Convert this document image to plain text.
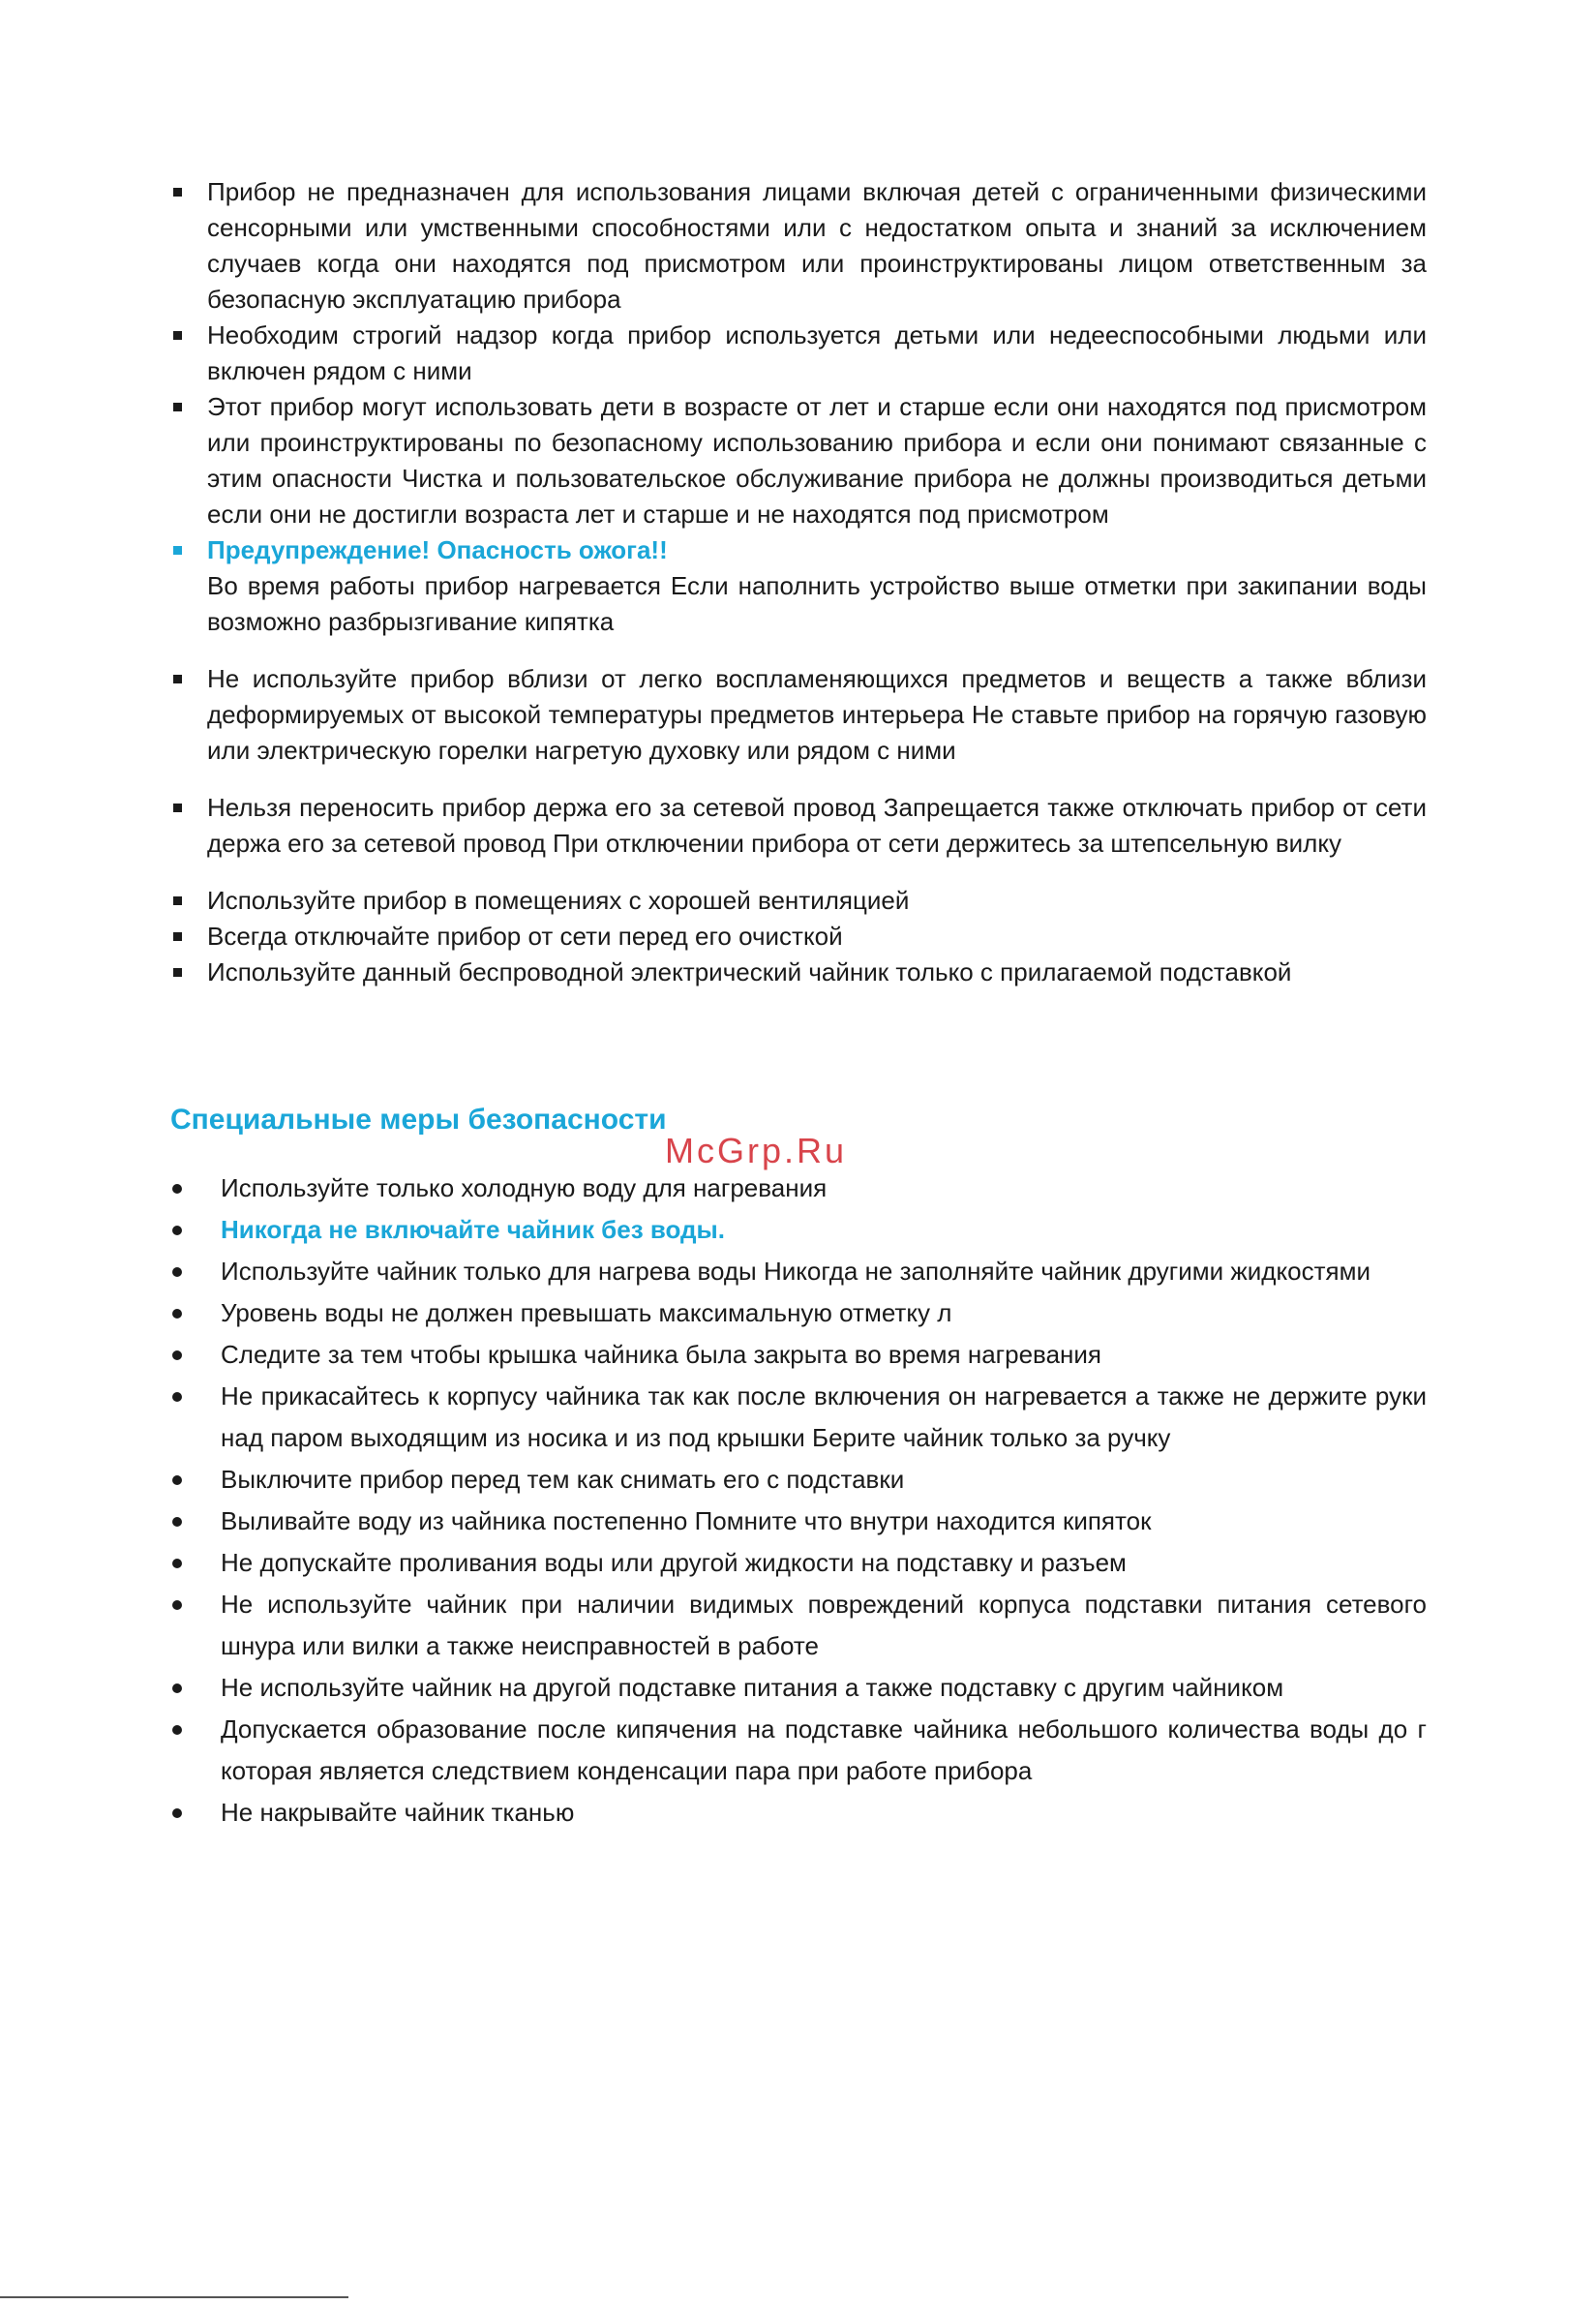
Прибор не предназначен для использования лицами включая детей с ограниченными физическими сенсорными или умственными способностями или с недостатком опыта и знаний за исключением случаев когда они находятся под присмотром или проинструктированы лицом ответственным за безопасную эксплуатацию прибора

Необходим строгий надзор когда прибор используется детьми или недееспособными людьми или включен рядом с ними

Этот прибор могут использовать дети в возрасте от лет и старше если они находятся под присмотром или проинструктированы по безопасному использованию прибора и если они понимают связанные с этим опасности Чистка и пользовательское обслуживание прибора не должны производиться детьми если они не достигли возраста лет и старше и не находятся под присмотром

Предупреждение! Опасность ожога!!
Во время работы прибор нагревается Если наполнить устройство выше отметки при закипании воды возможно разбрызгивание кипятка

Не используйте прибор вблизи от легко воспламеняющихся предметов и веществ а также вблизи деформируемых от высокой температуры предметов интерьера Не ставьте прибор на горячую газовую или электрическую горелки нагретую духовку или рядом с ними

Нельзя переносить прибор держа его за сетевой провод Запрещается также отключать прибор от сети держа его за сетевой провод При отключении прибора от сети держитесь за штепсельную вилку

Используйте прибор в помещениях с хорошей вентиляцией

Всегда отключайте прибор от сети перед его очисткой

Используйте данный беспроводной электрический чайник только с прилагаемой подставкой

Специальные меры безопасности
McGrp.Ru

Используйте только холодную воду для нагревания

Никогда не включайте чайник без воды.

Используйте чайник только для нагрева воды Никогда не заполняйте чайник другими жидкостями

Уровень воды не должен превышать максимальную отметку л

Следите за тем чтобы крышка чайника была закрыта во время нагревания

Не прикасайтесь к корпусу чайника так как после включения он нагревается а также не держите руки над паром выходящим из носика и из под крышки Берите чайник только за ручку

Выключите прибор перед тем как снимать его с подставки

Выливайте воду из чайника постепенно Помните что внутри находится кипяток

Не допускайте проливания воды или другой жидкости на подставку и разъем

Не используйте чайник при наличии видимых повреждений корпуса подставки питания сетевого шнура или вилки а также неисправностей в работе

Не используйте чайник на другой подставке питания а также подставку с другим чайником

Допускается образование после кипячения на подставке чайника небольшого количества воды до г которая является следствием конденсации пара при работе прибора

Не накрывайте чайник тканью
